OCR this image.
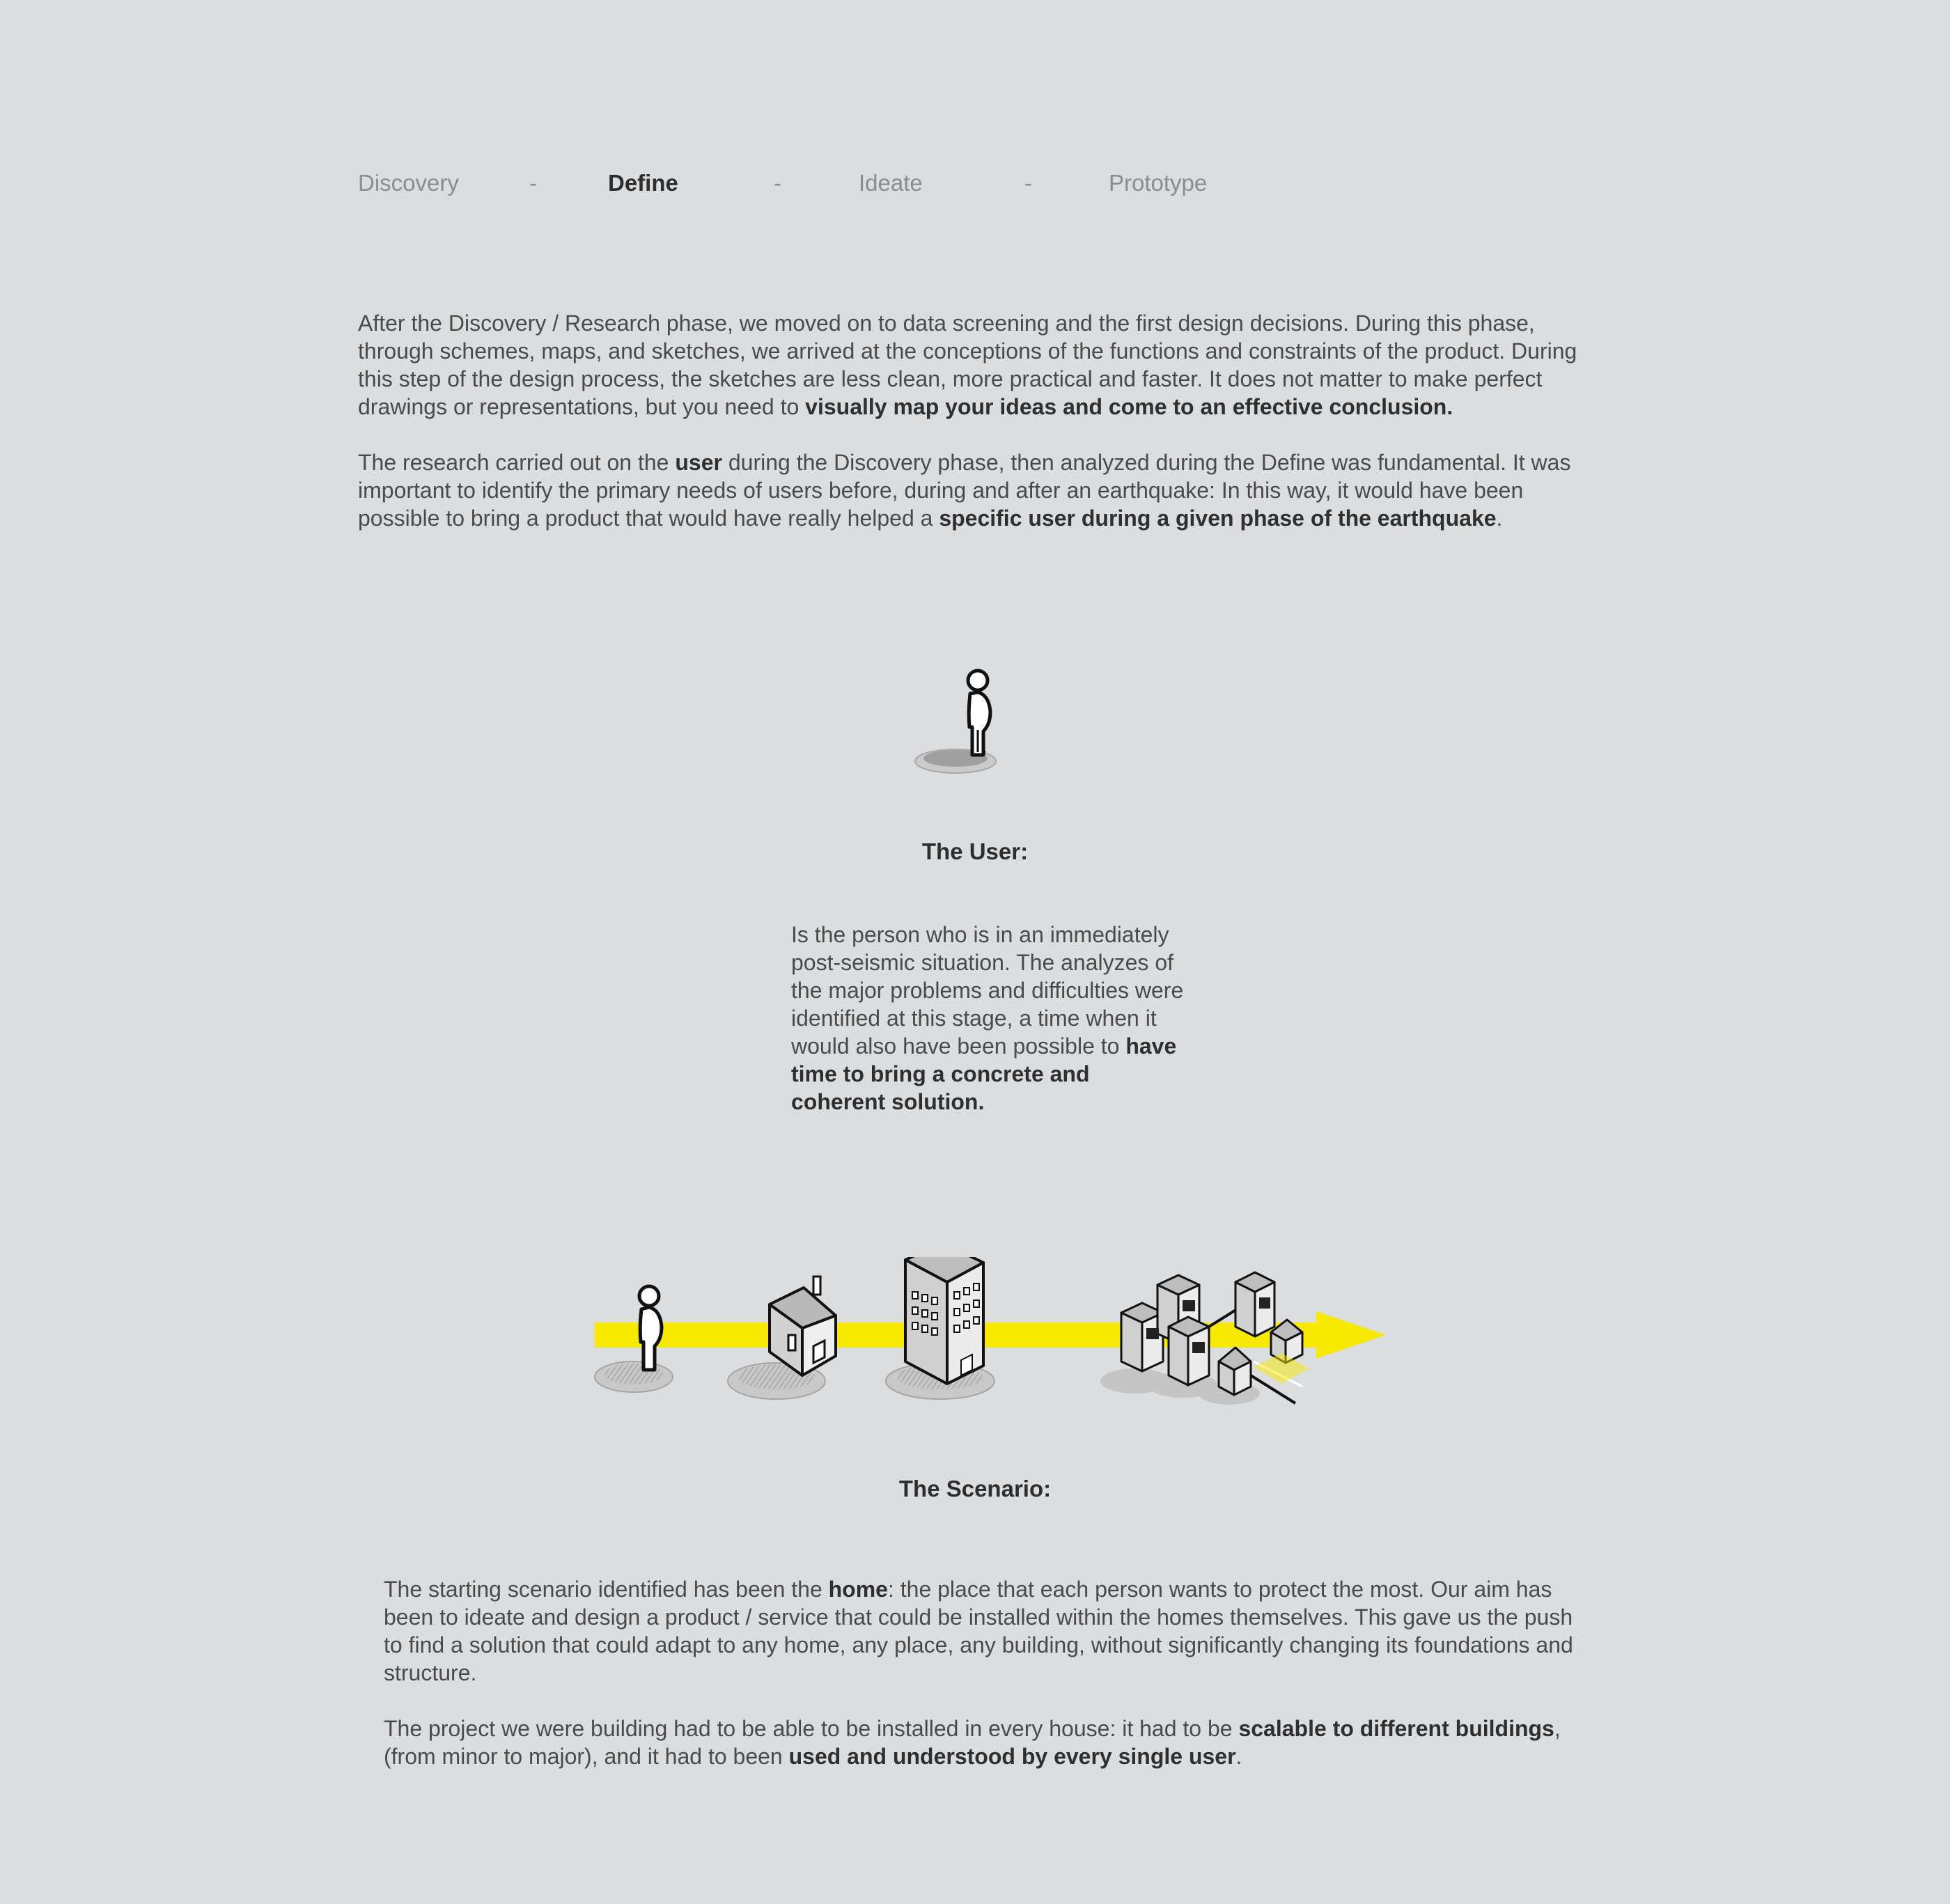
Discovery	-	Define	-	Ideate	-	Prototype

After the Discovery / Research phase, we moved on to data screening and the first design decisions. During this phase, through schemes, maps, and sketches, we arrived at the conceptions of the functions and constraints of the product. During this step of the design process, the sketches are less clean, more practical and faster. It does not matter to make perfect drawings or representations, but you need to visually map your ideas and come to an effective conclusion.

The research carried out on the user during the Discovery phase, then analyzed during the Define was fundamental. It was important to identify the primary needs of users before, during and after an earthquake: In this way, it would have been possible to bring a product that would have really helped a specific user during a given phase of the earthquake.

The User:

Is the person who is in an immediately post-seismic situation. The analyzes of the major problems and difficulties were identified at this stage, a time when it would also have been possible to have time to bring a concrete and coherent solution.

The Scenario:

The starting scenario identified has been the home: the place that each person wants to protect the most. Our aim has been to ideate and design a product / service that could be installed within the homes themselves. This gave us the push to find a solution that could adapt to any home, any place, any building, without significantly changing its foundations and structure.

The project we were building had to be able to be installed in every house: it had to be scalable to different buildings, (from minor to major), and it had to been used and understood by every single user.
